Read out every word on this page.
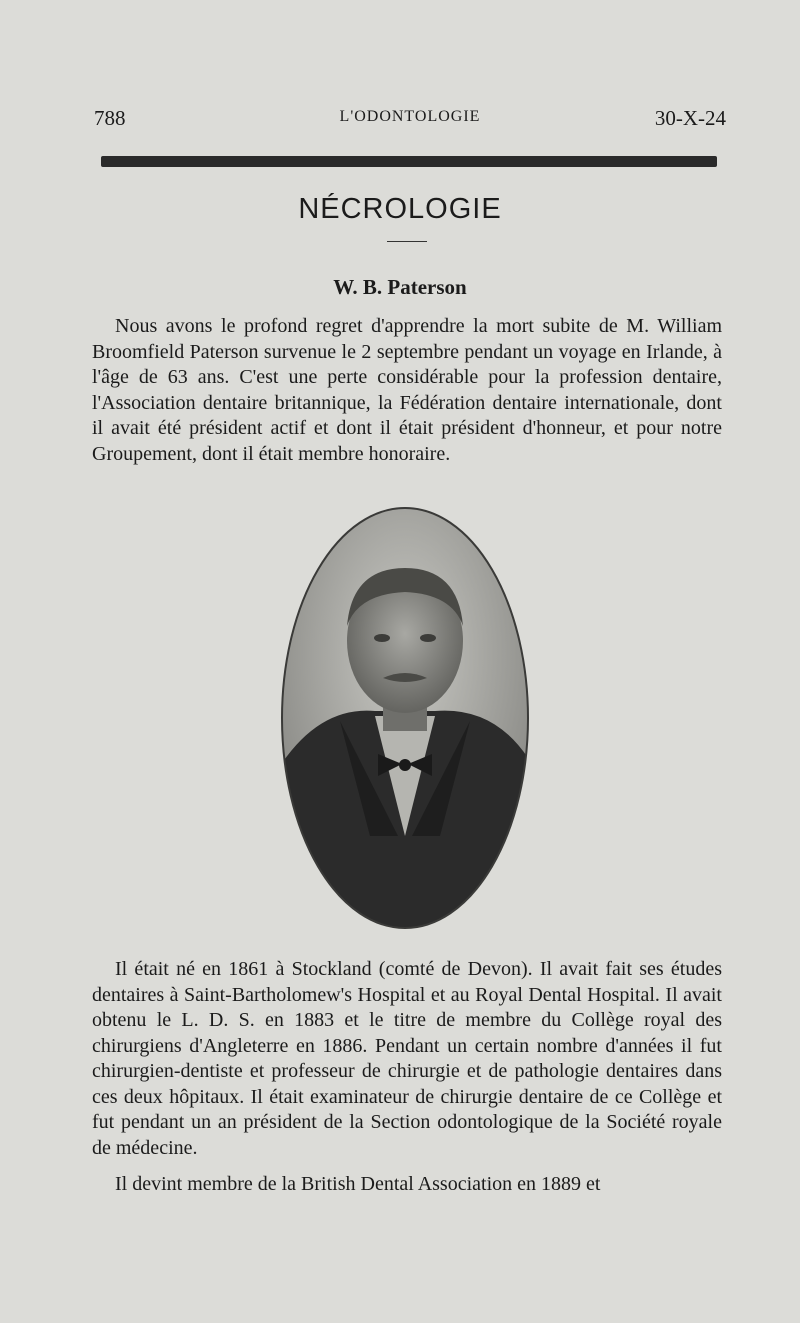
788	L'ODONTOLOGIE	30-X-24
NÉCROLOGIE
W. B. Paterson

Nous avons le profond regret d'apprendre la mort subite de M. William Broomfield Paterson survenue le 2 septembre pendant un voyage en Irlande, à l'âge de 63 ans. C'est une perte considérable pour la profession dentaire, l'Association dentaire britannique, la Fédération dentaire internationale, dont il avait été président actif et dont il était président d'honneur, et pour notre Groupement, dont il était membre honoraire.

Il était né en 1861 à Stockland (comté de Devon). Il avait fait ses études dentaires à Saint-Bartholomew's Hospital et au Royal Dental Hospital. Il avait obtenu le L. D. S. en 1883 et le titre de membre du Collège royal des chirurgiens d'Angleterre en 1886. Pendant un certain nombre d'années il fut chirurgien-dentiste et professeur de chirurgie et de pathologie dentaires dans ces deux hôpitaux. Il était examinateur de chirurgie dentaire de ce Collège et fut pendant un an président de la Section odontologique de la Société royale de médecine.

Il devint membre de la British Dental Association en 1889 et
